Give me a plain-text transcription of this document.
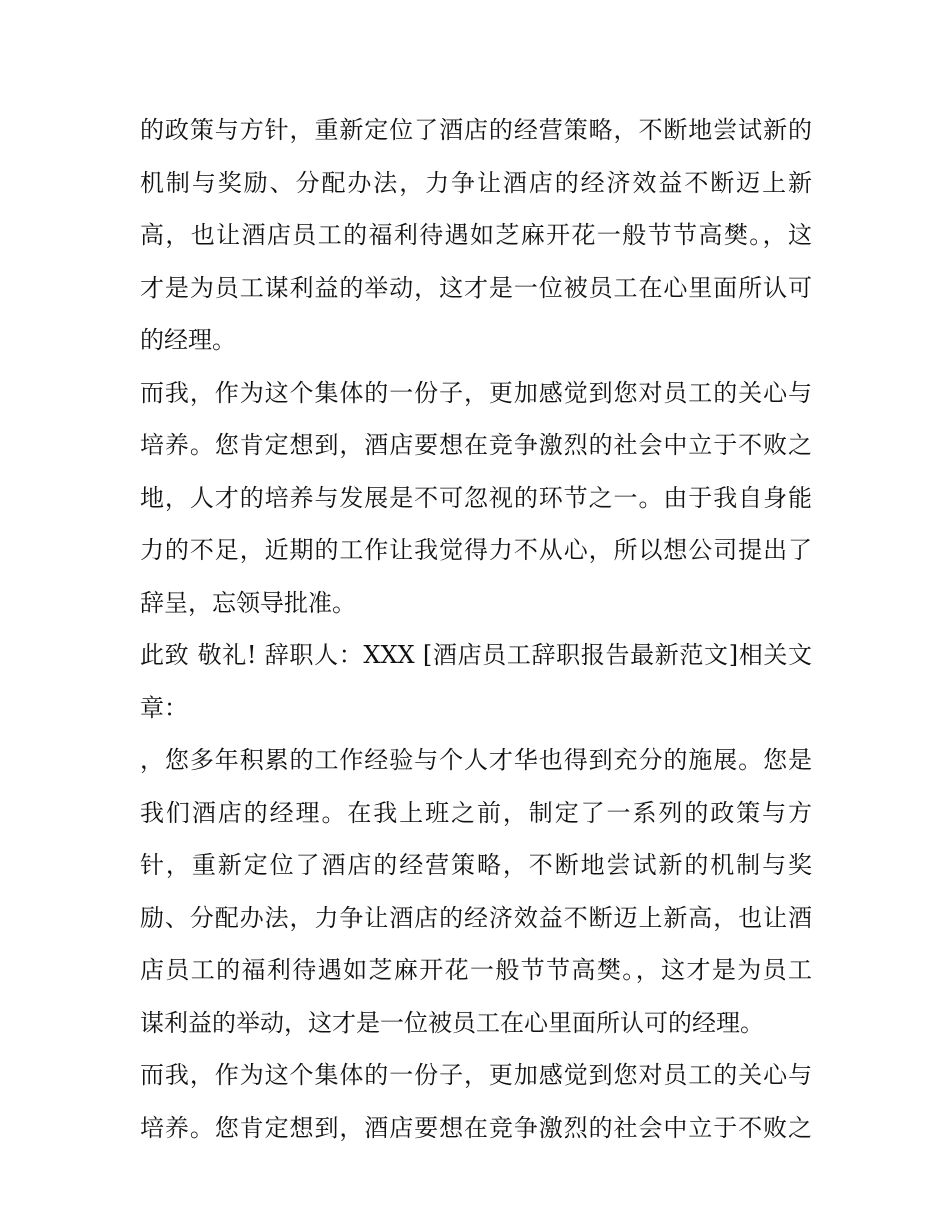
的政策与方针，重新定位了酒店的经营策略，不断地尝试新的
机制与奖励、分配办法，力争让酒店的经济效益不断迈上新
高，也让酒店员工的福利待遇如芝麻开花一般节节高樊。，这
才是为员工谋利益的举动，这才是一位被员工在心里面所认可
的经理。
而我，作为这个集体的一份子，更加感觉到您对员工的关心与
培养。您肯定想到，酒店要想在竞争激烈的社会中立于不败之
地，人才的培养与发展是不可忽视的环节之一。由于我自身能
力的不足，近期的工作让我觉得力不从心，所以想公司提出了
辞呈，忘领导批准。
此致 敬礼! 辞职人：XXX [酒店员工辞职报告最新范文]相关文
章：
，您多年积累的工作经验与个人才华也得到充分的施展。您是
我们酒店的经理。在我上班之前，制定了一系列的政策与方
针，重新定位了酒店的经营策略，不断地尝试新的机制与奖
励、分配办法，力争让酒店的经济效益不断迈上新高，也让酒
店员工的福利待遇如芝麻开花一般节节高樊。，这才是为员工
谋利益的举动，这才是一位被员工在心里面所认可的经理。
而我，作为这个集体的一份子，更加感觉到您对员工的关心与
培养。您肯定想到，酒店要想在竞争激烈的社会中立于不败之
